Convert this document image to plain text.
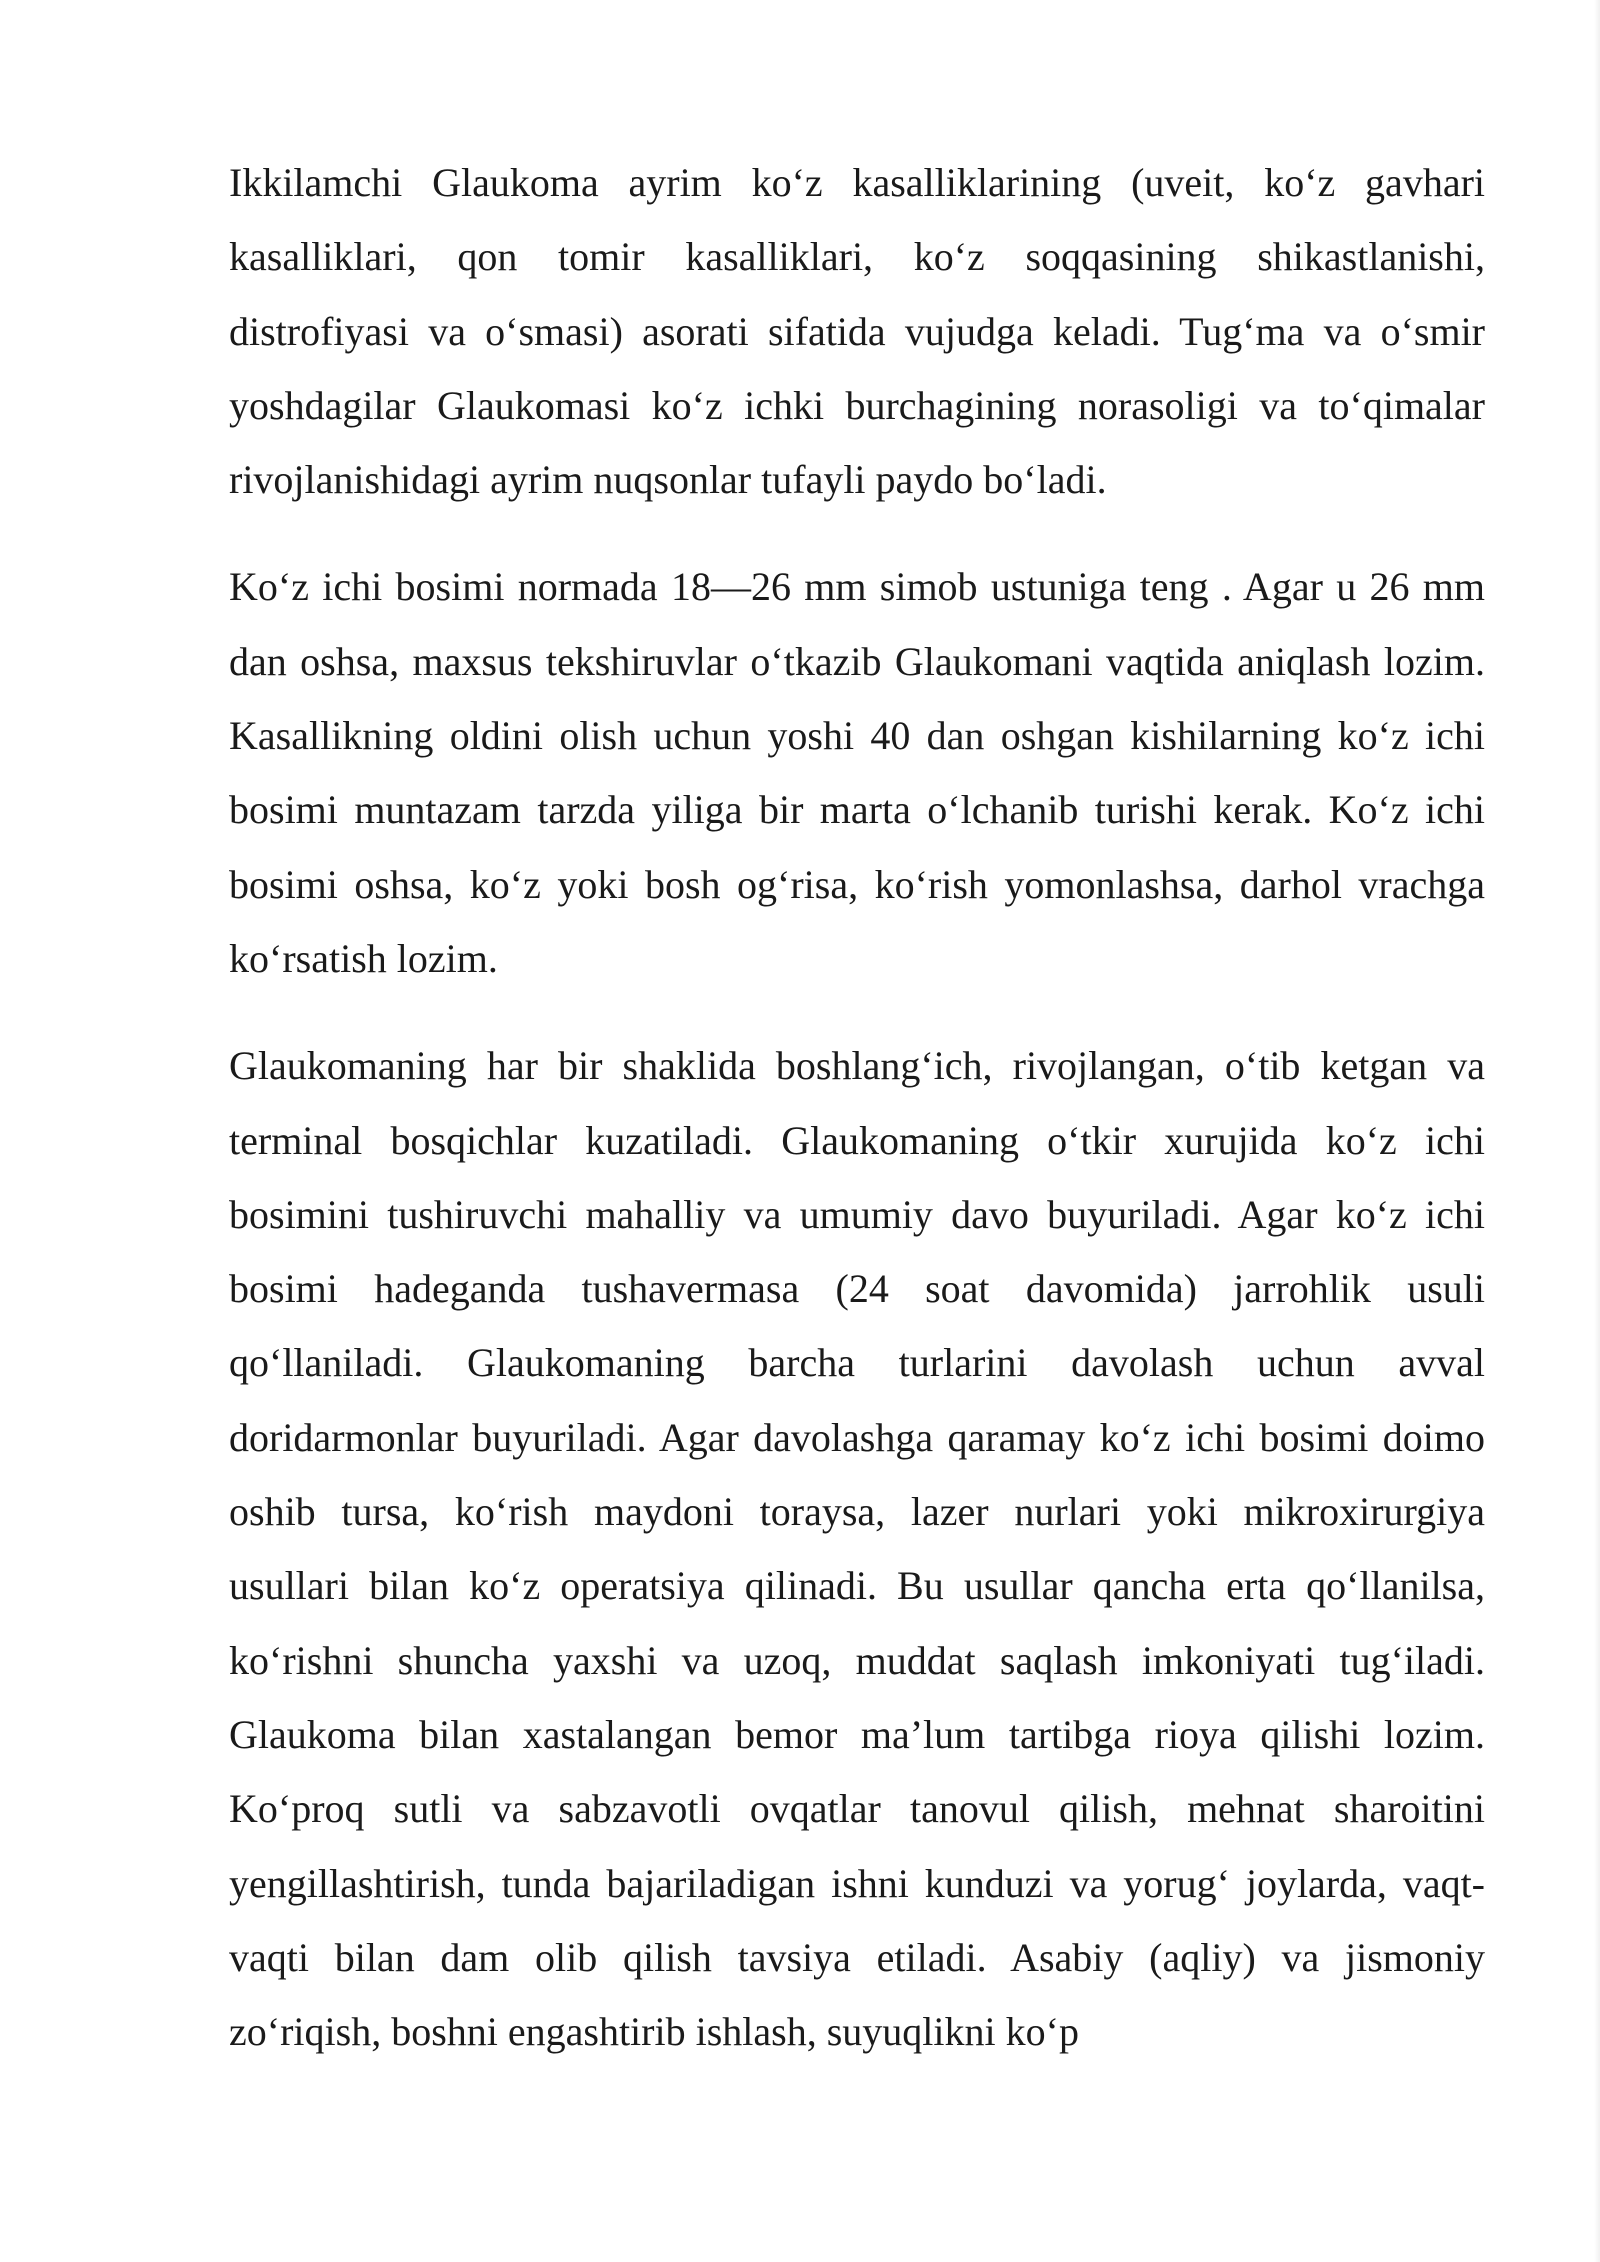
Ikkilamchi Glaukoma ayrim ko‘z kasalliklarining (uveit, ko‘z gavhari kasalliklari, qon tomir kasalliklari, ko‘z soqqasining shikastlanishi, distrofiyasi va o‘smasi) asorati sifatida vujudga keladi. Tug‘ma va o‘smir yoshdagilar Glaukomasi ko‘z ichki burchagining norasoligi va to‘qimalar rivojlanishidagi ayrim nuqsonlar tufayli paydo bo‘ladi.

Ko‘z ichi bosimi normada 18—26 mm simob ustuniga teng . Agar u 26 mm dan oshsa, maxsus tekshiruvlar o‘tkazib Glaukomani vaqtida aniqlash lozim. Kasallikning oldini olish uchun yoshi 40 dan oshgan kishilarning ko‘z ichi bosimi muntazam tarzda yiliga bir marta o‘lchanib turishi kerak. Ko‘z ichi bosimi oshsa, ko‘z yoki bosh og‘risa, ko‘rish yomonlashsa, darhol vrachga ko‘rsatish lozim.

Glaukomaning har bir shaklida boshlang‘ich, rivojlangan, o‘tib ketgan va terminal bosqichlar kuzatiladi. Glaukomaning o‘tkir xurujida ko‘z ichi bosimini tushiruvchi mahalliy va umumiy davo buyuriladi. Agar ko‘z ichi bosimi hadeganda tushavermasa (24 soat davomida) jarrohlik usuli qo‘llaniladi. Glaukomaning barcha turlarini davolash uchun avval doridarmonlar buyuriladi. Agar davolashga qaramay ko‘z ichi bosimi doimo oshib tursa, ko‘rish maydoni toraysa, lazer nurlari yoki mikroxirurgiya usullari bilan ko‘z operatsiya qilinadi. Bu usullar qancha erta qo‘llanilsa, ko‘rishni shuncha yaxshi va uzoq, muddat saqlash imkoniyati tug‘iladi. Glaukoma bilan xastalangan bemor ma’lum tartibga rioya qilishi lozim. Ko‘proq sutli va sabzavotli ovqatlar tanovul qilish, mehnat sharoitini yengillashtirish, tunda bajariladigan ishni kunduzi va yorug‘ joylarda, vaqt-vaqti bilan dam olib qilish tavsiya etiladi. Asabiy (aqliy) va jismoniy zo‘riqish, boshni engashtirib ishlash, suyuqlikni ko‘p
